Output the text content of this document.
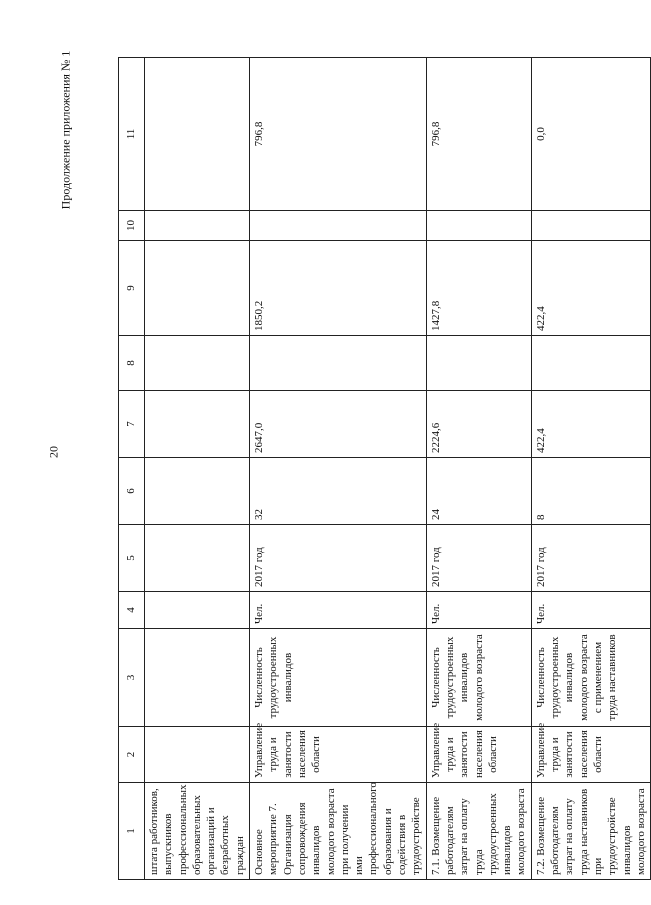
20
Продолжение приложения № 1
1	2	3	4	5	6	7	8	9	10	11
штата работников, выпускников профессиональных образовательных организаций и безработных граждан										
Основное мероприятие 7. Организация сопровождения инвалидов молодого возраста при получении ими профессионального образования и содействия в трудоустройстве	Управление труда и занятости населения области	Численность трудоустроенных инвалидов	Чел.	2017 год	32	2647,0		1850,2		796,8
7.1. Возмещение работодателям затрат на оплату труда трудоустроенных инвалидов молодого возраста	Управление труда и занятости населения области	Численность трудоустроенных инвалидов молодого возраста	Чел.	2017 год	24	2224,6		1427,8		796,8
7.2. Возмещение работодателям затрат на оплату труда наставников при трудоустройстве инвалидов молодого возраста	Управление труда и занятости населения области	Численность трудоустроенных инвалидов молодого возраста с применением труда наставников	Чел.	2017 год	8	422,4		422,4		0,0
